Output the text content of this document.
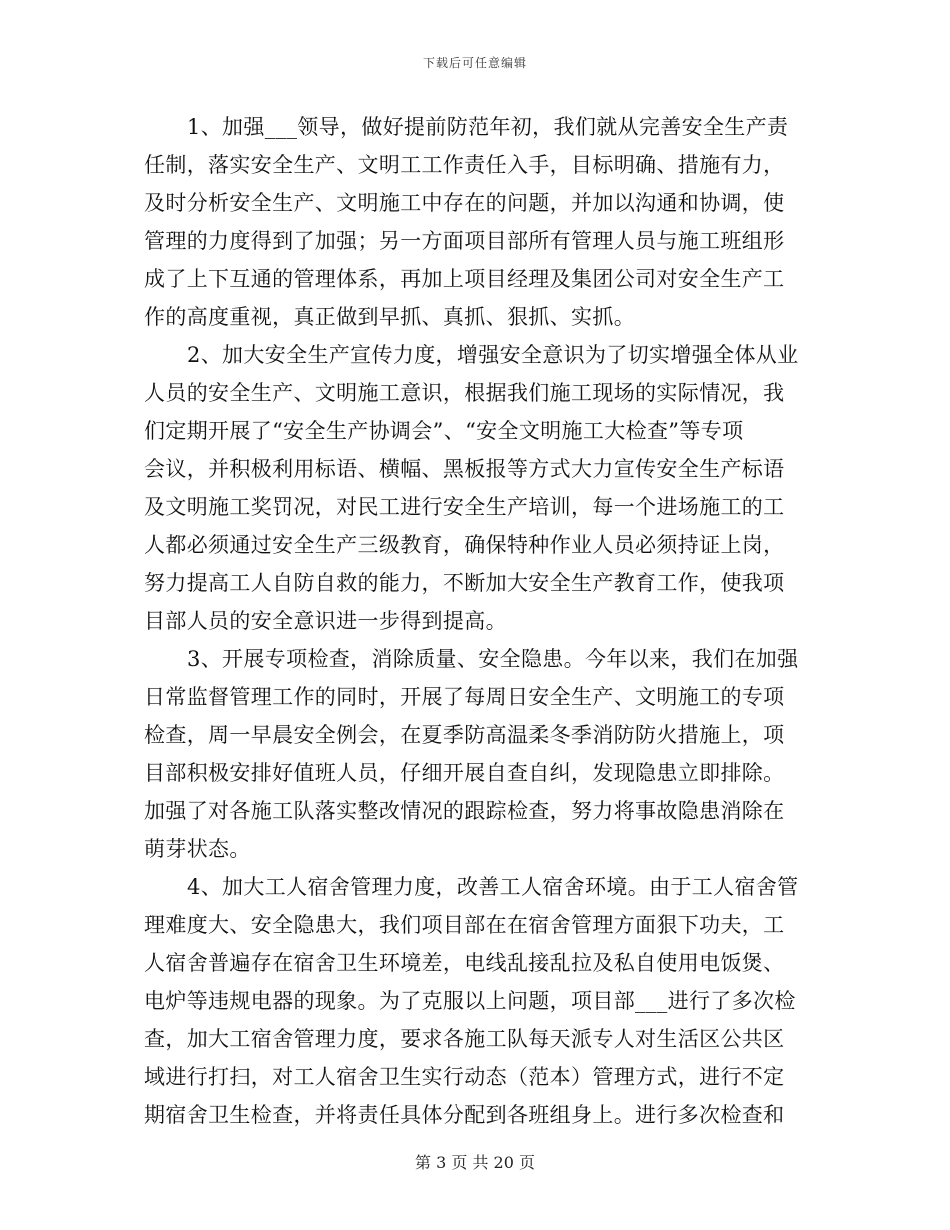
下载后可任意编辑
1、加强___领导，做好提前防范年初，我们就从完善安全生产责
任制，落实安全生产、文明工工作责任入手，目标明确、措施有力，
及时分析安全生产、文明施工中存在的问题，并加以沟通和协调，使
管理的力度得到了加强；另一方面项目部所有管理人员与施工班组形
成了上下互通的管理体系，再加上项目经理及集团公司对安全生产工
作的高度重视，真正做到早抓、真抓、狠抓、实抓。
2、加大安全生产宣传力度，增强安全意识为了切实增强全体从业
人员的安全生产、文明施工意识，根据我们施工现场的实际情况，我
们定期开展了“安全生产协调会”、“安全文明施工大检查”等专项
会议，并积极利用标语、横幅、黑板报等方式大力宣传安全生产标语
及文明施工奖罚况，对民工进行安全生产培训，每一个进场施工的工
人都必须通过安全生产三级教育，确保特种作业人员必须持证上岗，
努力提高工人自防自救的能力，不断加大安全生产教育工作，使我项
目部人员的安全意识进一步得到提高。
3、开展专项检查，消除质量、安全隐患。今年以来，我们在加强
日常监督管理工作的同时，开展了每周日安全生产、文明施工的专项
检查，周一早晨安全例会，在夏季防高温柔冬季消防防火措施上，项
目部积极安排好值班人员，仔细开展自查自纠，发现隐患立即排除。
加强了对各施工队落实整改情况的跟踪检查，努力将事故隐患消除在
萌芽状态。
4、加大工人宿舍管理力度，改善工人宿舍环境。由于工人宿舍管
理难度大、安全隐患大，我们项目部在在宿舍管理方面狠下功夫，工
人宿舍普遍存在宿舍卫生环境差，电线乱接乱拉及私自使用电饭煲、
电炉等违规电器的现象。为了克服以上问题，项目部___进行了多次检
查，加大工宿舍管理力度，要求各施工队每天派专人对生活区公共区
域进行打扫，对工人宿舍卫生实行动态（范本）管理方式，进行不定
期宿舍卫生检查，并将责任具体分配到各班组身上。进行多次检查和
第 3 页 共 20 页
